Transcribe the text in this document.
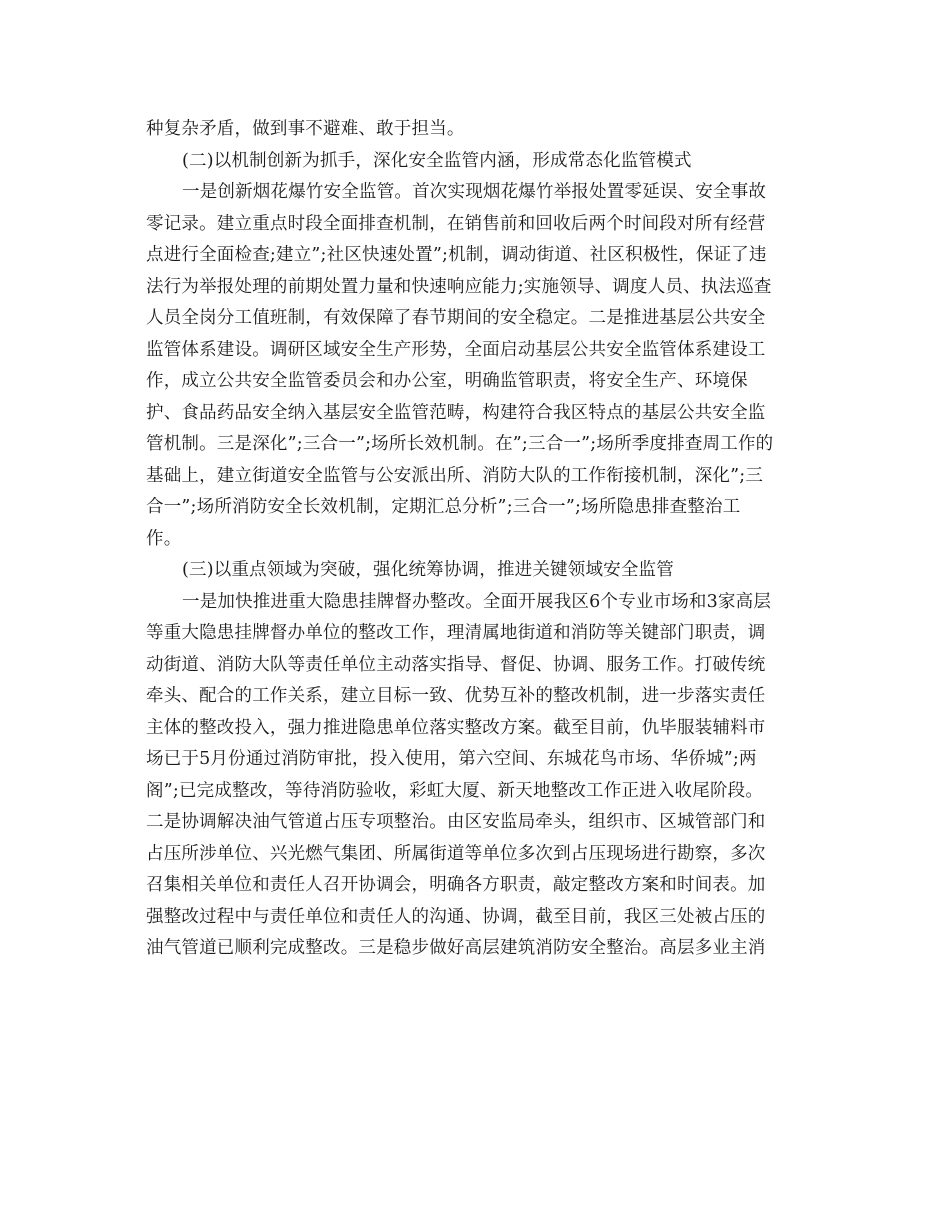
种复杂矛盾，做到事不避难、敢于担当。
(二)以机制创新为抓手，深化安全监管内涵，形成常态化监管模式
一是创新烟花爆竹安全监管。首次实现烟花爆竹举报处置零延误、安全事故
零记录。建立重点时段全面排查机制，在销售前和回收后两个时间段对所有经营
点进行全面检查;建立”;社区快速处置”;机制，调动街道、社区积极性，保证了违
法行为举报处理的前期处置力量和快速响应能力;实施领导、调度人员、执法巡查
人员全岗分工值班制，有效保障了春节期间的安全稳定。二是推进基层公共安全
监管体系建设。调研区域安全生产形势，全面启动基层公共安全监管体系建设工
作，成立公共安全监管委员会和办公室，明确监管职责，将安全生产、环境保
护、食品药品安全纳入基层安全监管范畴，构建符合我区特点的基层公共安全监
管机制。三是深化”;三合一”;场所长效机制。在”;三合一”;场所季度排查周工作的
基础上，建立街道安全监管与公安派出所、消防大队的工作衔接机制，深化”;三
合一”;场所消防安全长效机制，定期汇总分析”;三合一”;场所隐患排查整治工
作。
(三)以重点领域为突破，强化统筹协调，推进关键领域安全监管
一是加快推进重大隐患挂牌督办整改。全面开展我区6个专业市场和3家高层
等重大隐患挂牌督办单位的整改工作，理清属地街道和消防等关键部门职责，调
动街道、消防大队等责任单位主动落实指导、督促、协调、服务工作。打破传统
牵头、配合的工作关系，建立目标一致、优势互补的整改机制，进一步落实责任
主体的整改投入，强力推进隐患单位落实整改方案。截至目前，仇毕服装辅料市
场已于5月份通过消防审批，投入使用，第六空间、东城花鸟市场、华侨城”;两
阁”;已完成整改，等待消防验收，彩虹大厦、新天地整改工作正进入收尾阶段。
二是协调解决油气管道占压专项整治。由区安监局牵头，组织市、区城管部门和
占压所涉单位、兴光燃气集团、所属街道等单位多次到占压现场进行勘察，多次
召集相关单位和责任人召开协调会，明确各方职责，敲定整改方案和时间表。加
强整改过程中与责任单位和责任人的沟通、协调，截至目前，我区三处被占压的
油气管道已顺利完成整改。三是稳步做好高层建筑消防安全整治。高层多业主消
